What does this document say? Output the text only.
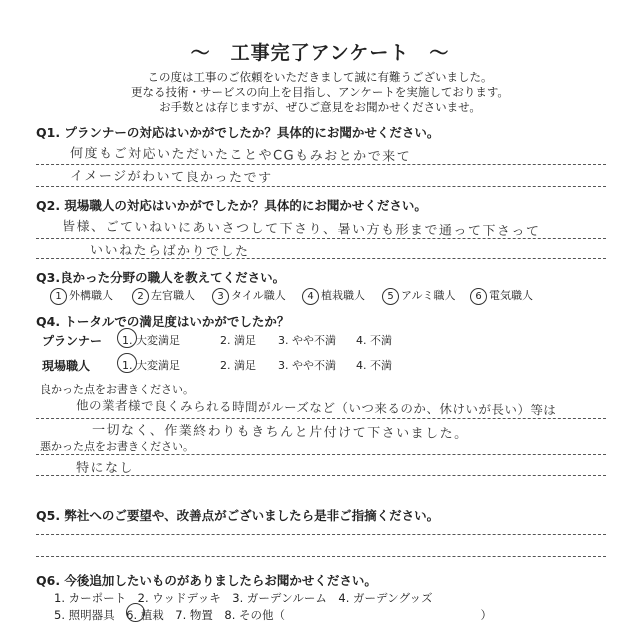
～　工事完了アンケート　～
この度は工事のご依頼をいただきまして誠に有難うございました。
更なる技術・サービスの向上を目指し、アンケートを実施しております。
お手数とは存じますが、ぜひご意見をお聞かせくださいませ。
Q1. プランナーの対応はいかがでしたか？具体的にお聞かせください。
何度もご対応いただいたことやCGもみおとかで来て
イメージがわいて良かったです
Q2. 現場職人の対応はいかがでしたか？具体的にお聞かせください。
皆様、ごていねいにあいさつして下さり、暑い方も形まで通って下さって
いいねたらばかりでした
Q3.良かった分野の職人を教えてください。
1 外構職人	2 左官職人	3 タイル職人	4 植栽職人	5 アルミ職人	6 電気職人
Q4. トータルでの満足度はいかがでしたか？
プランナー 1. 大変満足	2. 満足 3. やや不満 4. 不満
現場職人	1. 大変満足	2. 満足 3. やや不満 4. 不満
良かった点をお書きください。
他の業者様で良くみられる時間がルーズなど（いつ来るのか、休けいが長い）等は
一切なく、作業終わりもきちんと片付けて下さいました。
悪かった点をお書きください。
特になし
Q5. 弊社へのご要望や、改善点がございましたら是非ご指摘ください。
Q6. 今後追加したいものがありましたらお聞かせください。
1. カーポート　2. ウッドデッキ　3. ガーデンルーム　4. ガーデングッズ
5. 照明器具　6. 植栽　7. 物置　8. その他（　　　　　　　　　　　　　　　　　）
